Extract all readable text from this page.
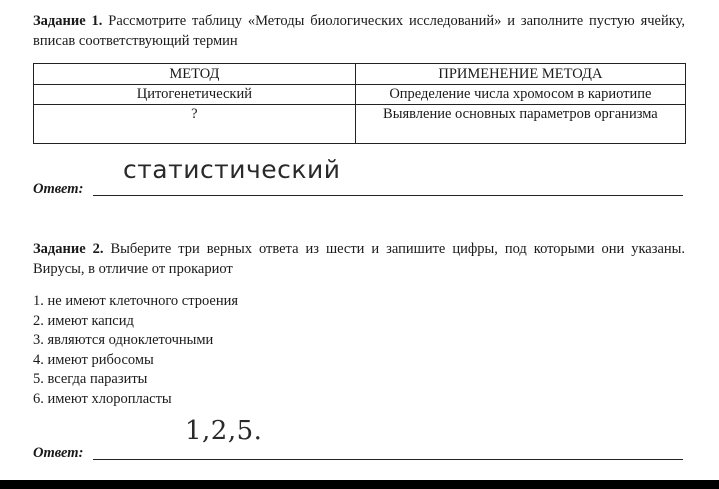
Задание 1. Рассмотрите таблицу «Методы биологических исследований» и заполните пустую ячейку, вписав соответствующий термин
МЕТОД	ПРИМЕНЕНИЕ МЕТОДА
Цитогенетический	Определение числа хромосом в кариотипе
?	Выявление основных параметров организма
Ответ:
статистический
Задание 2. Выберите три верных ответа из шести и запишите цифры, под которыми они указаны. Вирусы, в отличие от прокариот
1. не имеют клеточного строения
2. имеют капсид
3. являются одноклеточными
4. имеют рибосомы
5. всегда паразиты
6. имеют хлоропласты
Ответ:
1,2,5.
